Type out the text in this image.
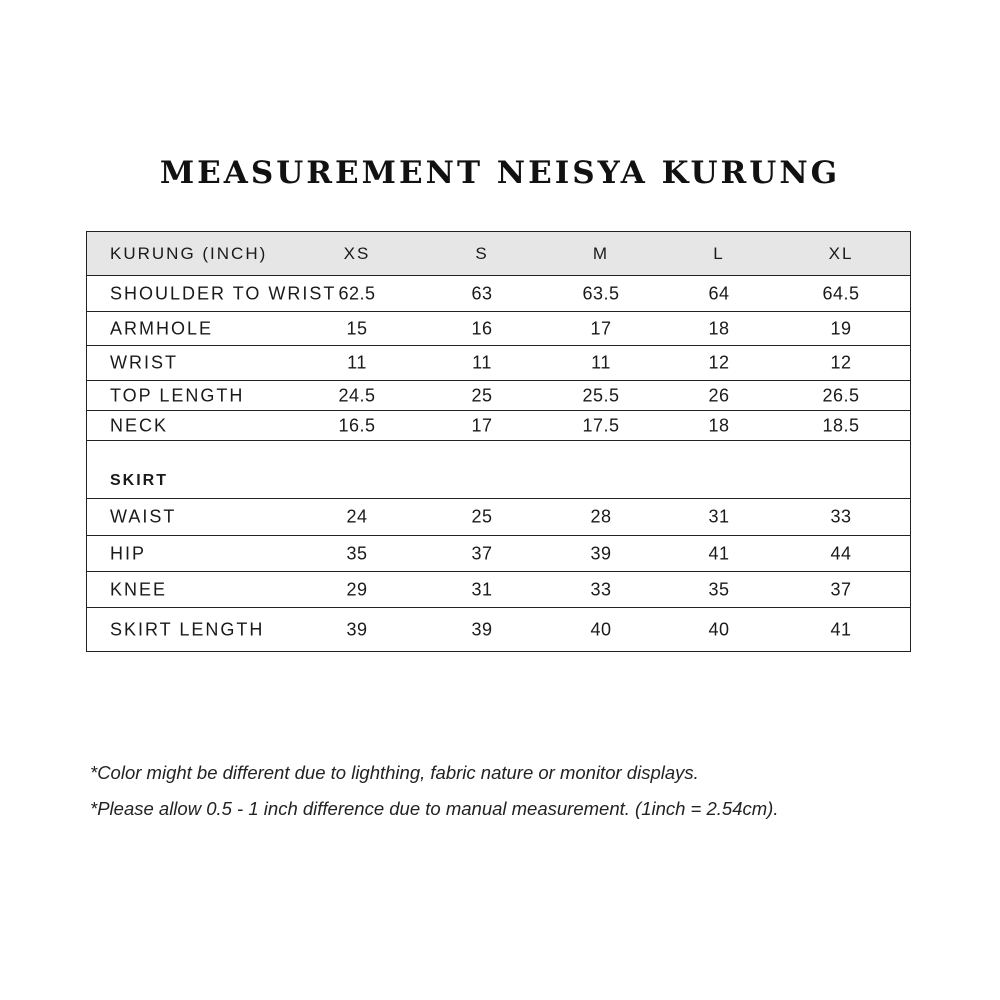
MEASUREMENT NEISYA KURUNG
KURUNG (INCH)	XS	S	M	L	XL
SHOULDER TO WRIST 62.5	63	63.5	64	64.5
ARMHOLE	15	16	17	18	19
WRIST	11	11	11	12	12
TOP LENGTH	24.5	25	25.5	26	26.5
NECK	16.5	17	17.5	18	18.5
SKIRT
WAIST	24	25	28	31	33
HIP	35	37	39	41	44
KNEE	29	31	33	35	37
SKIRT LENGTH	39	39	40	40	41
*Color might be different due to lighthing, fabric nature or monitor displays.
*Please allow 0.5 - 1 inch difference due to manual measurement. (1inch = 2.54cm).
